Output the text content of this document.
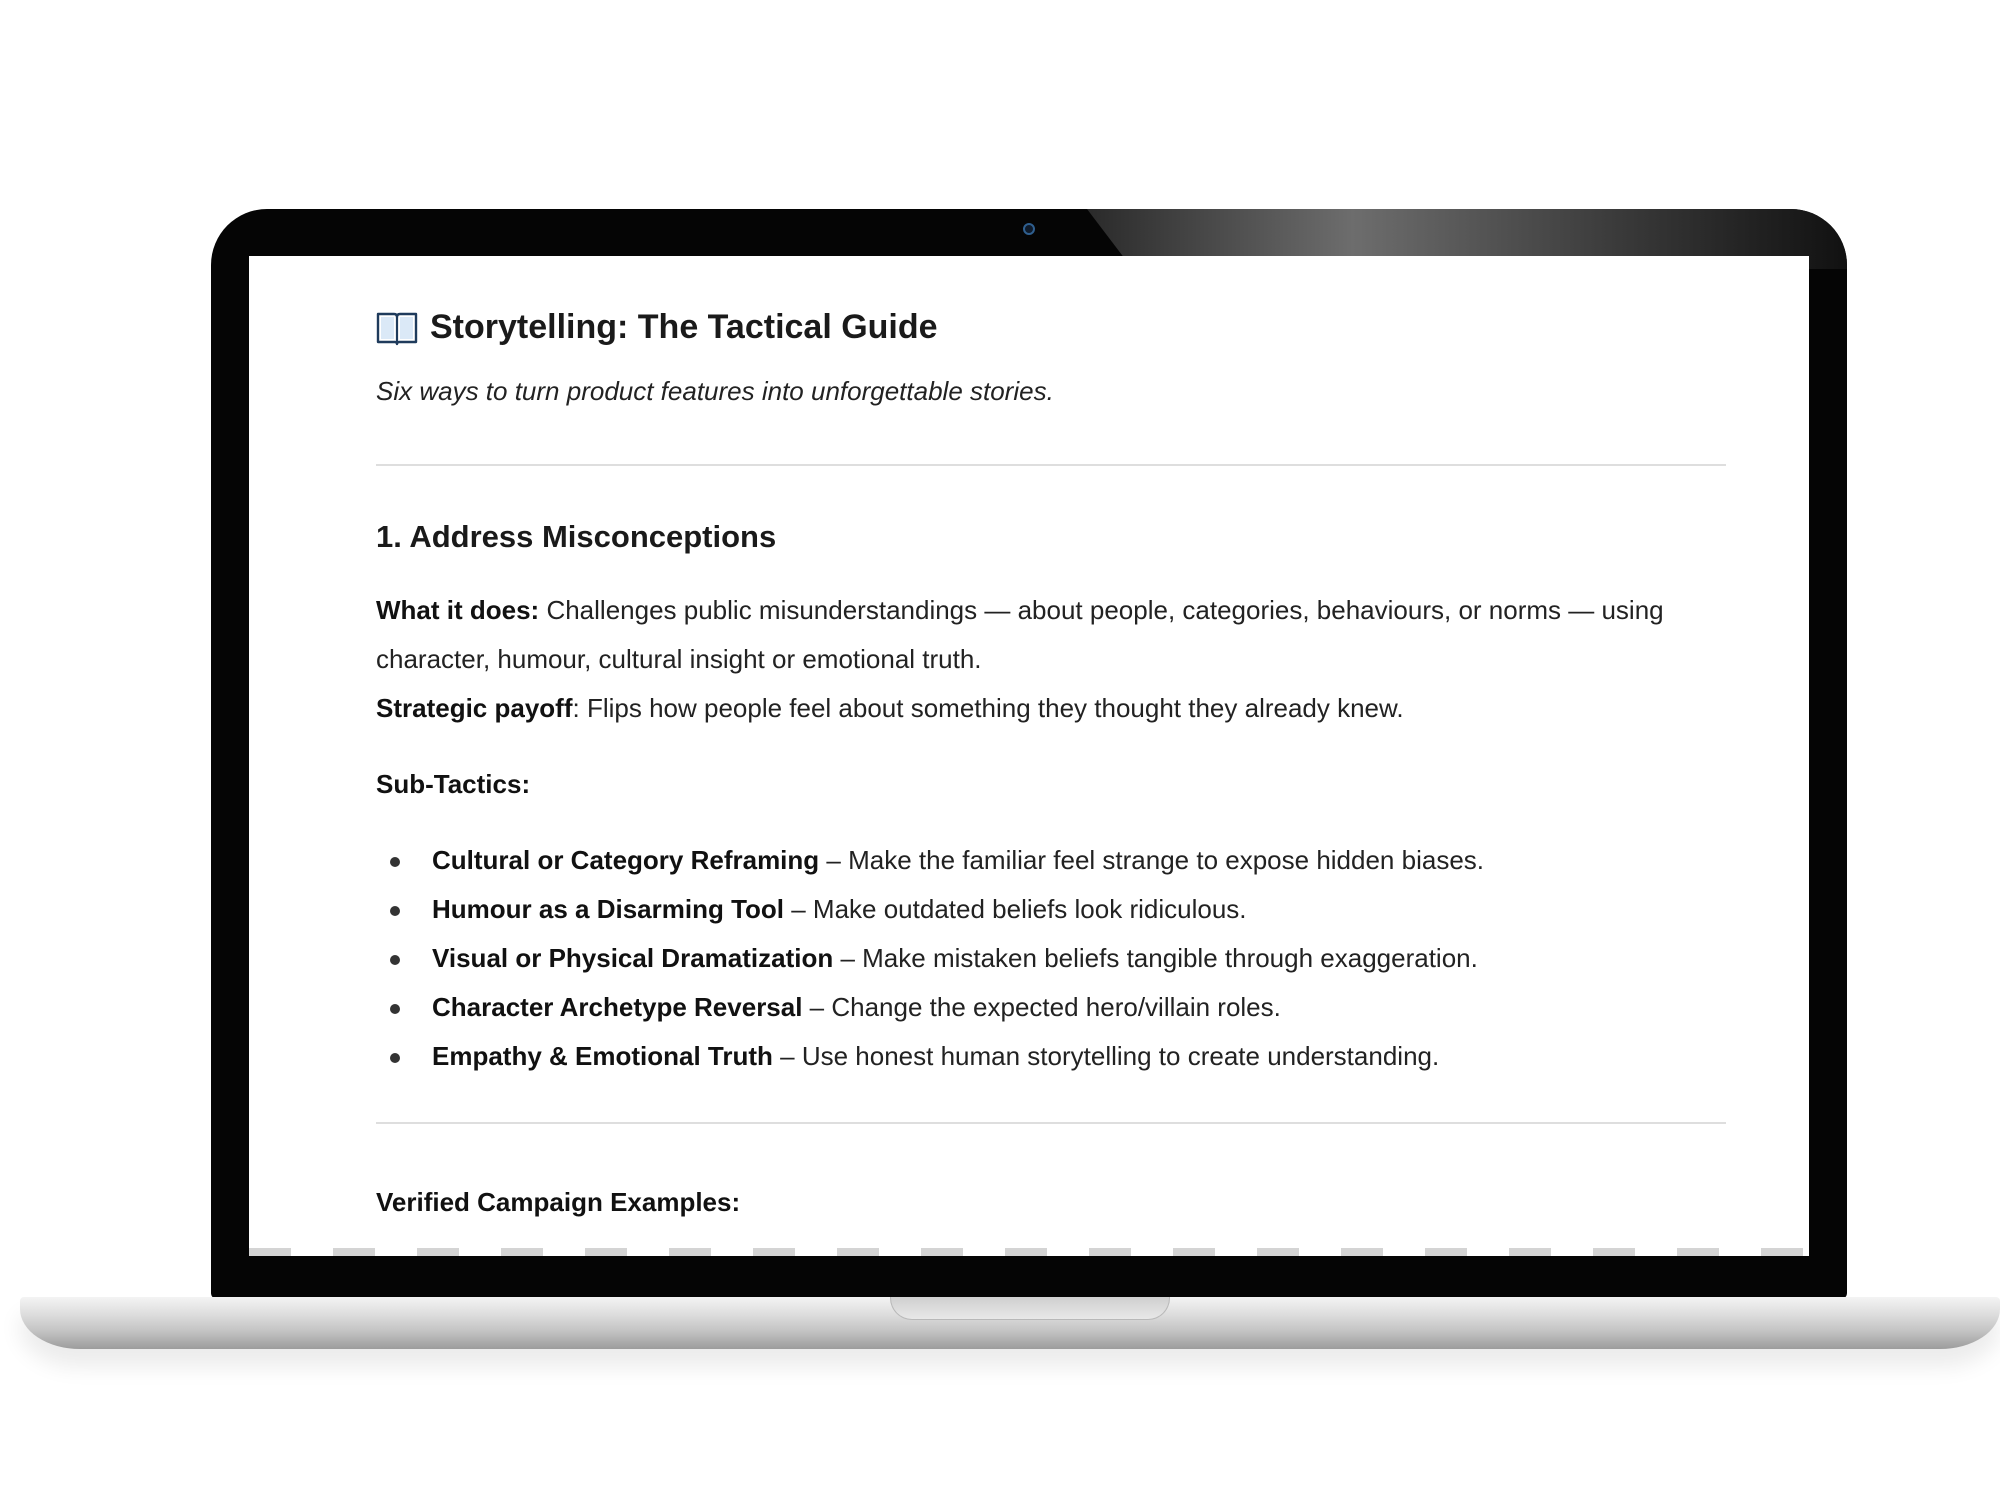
Storytelling: The Tactical Guide
Six ways to turn product features into unforgettable stories.
1. Address Misconceptions
What it does: Challenges public misunderstandings — about people, categories, behaviours, or norms — using character, humour, cultural insight or emotional truth.
Strategic payoff: Flips how people feel about something they thought they already knew.
Sub-Tactics:
Cultural or Category Reframing – Make the familiar feel strange to expose hidden biases.
Humour as a Disarming Tool – Make outdated beliefs look ridiculous.
Visual or Physical Dramatization – Make mistaken beliefs tangible through exaggeration.
Character Archetype Reversal – Change the expected hero/villain roles.
Empathy & Emotional Truth – Use honest human storytelling to create understanding.
Verified Campaign Examples:
